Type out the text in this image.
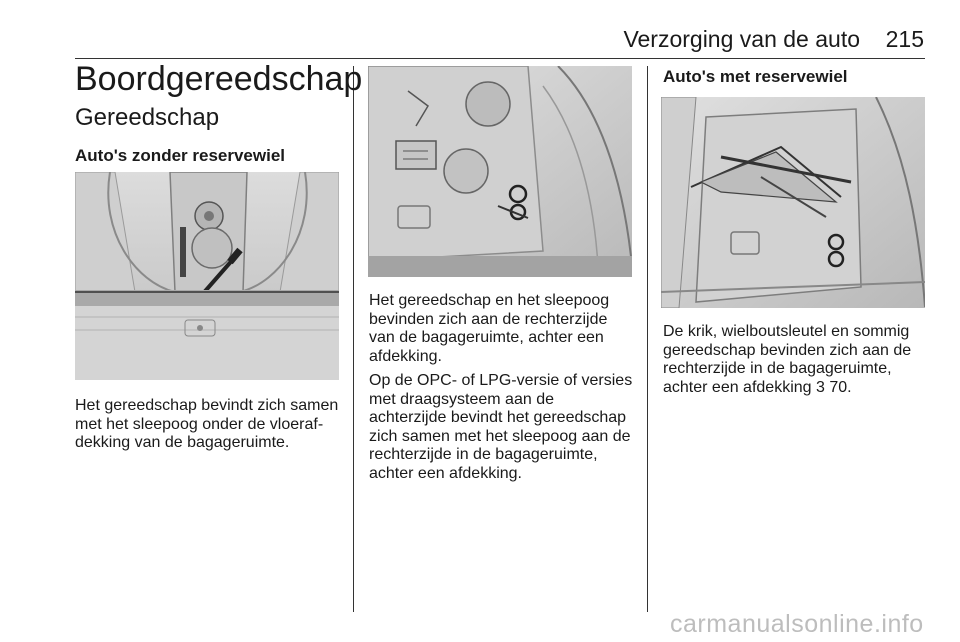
Verzorging van de auto	215
Boordgereedschap
Gereedschap
Auto's zonder reservewiel

Het gereedschap bevindt zich samen met het sleepoog onder de vloerafdekking van de bagageruimte.

Het gereedschap en het sleepoog bevinden zich aan de rechterzijde van de bagageruimte, achter een afdekking.

Op de OPC- of LPG-versie of versies met draagsysteem aan de achterzijde bevindt het gereedschap zich samen met het sleepoog aan de rechterzijde in de bagageruimte, achter een afdekking.

Auto's met reservewiel

De krik, wielboutsleutel en sommig gereedschap bevinden zich aan de rechterzijde in de bagageruimte, achter een afdekking 3 70.

carmanualsonline.info
